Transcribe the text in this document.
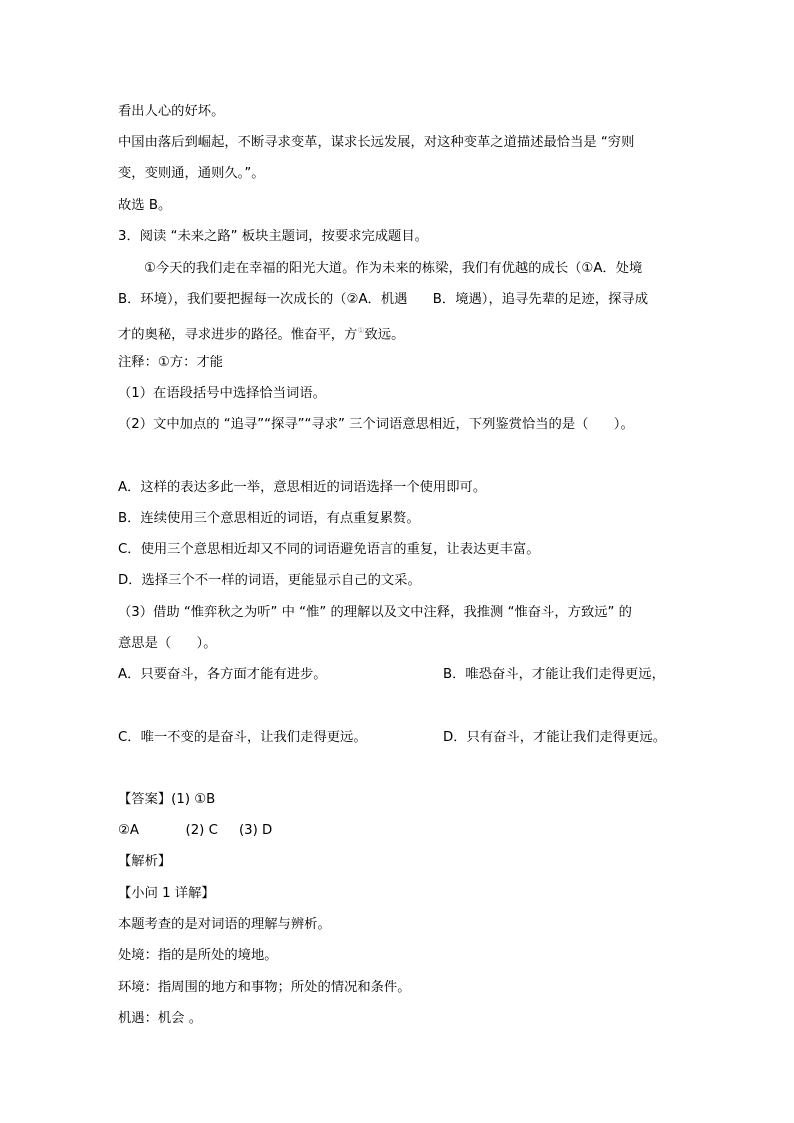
看出人心的好坏。
中国由落后到崛起，不断寻求变革，谋求长远发展，对这种变革之道描述最恰当是 “穷则
变，变则通，通则久。”。
故选 B。
3．阅读 “未来之路” 板块主题词，按要求完成题目。
①今天的我们走在幸福的阳光大道。作为未来的栋梁，我们有优越的成长（①A．处境
B．环境），我们要把握每一次成长的（②A．机遇      B．境遇），追寻先辈的足迹，探寻成
才的奥秘，寻求进步的路径。惟奋平，方①致远。
注释：①方：才能
（1）在语段括号中选择恰当词语。
（2）文中加点的 “追寻”“探寻”“寻求” 三个词语意思相近，下列鉴赏恰当的是（      ）。
A．这样的表达多此一举，意思相近的词语选择一个使用即可。
B．连续使用三个意思相近的词语，有点重复累赘。
C．使用三个意思相近却又不同的词语避免语言的重复，让表达更丰富。
D．选择三个不一样的词语，更能显示自己的文采。
（3）借助 “惟弈秋之为听” 中 “惟” 的理解以及文中注释，我推测 “惟奋斗，方致远” 的
意思是（      ）。
A．只要奋斗，各方面才能有进步。	B．唯恐奋斗，才能让我们走得更远，
C．唯一不变的是奋斗，让我们走得更远。	D．只有奋斗，才能让我们走得更远。
【答案】(1) ①B
②A           (2) C     (3) D
【解析】
【小问 1 详解】
本题考查的是对词语的理解与辨析。
处境：指的是所处的境地。
环境：指周围的地方和事物；所处的情况和条件。
机遇：机会 。
